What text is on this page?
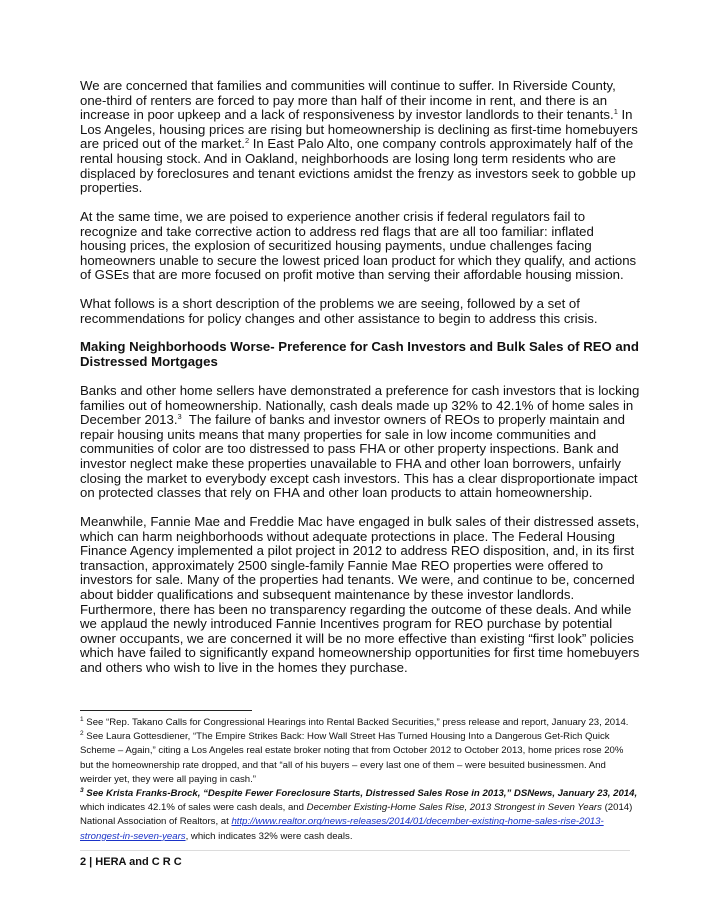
We are concerned that families and communities will continue to suffer. In Riverside County,
one-third of renters are forced to pay more than half of their income in rent, and there is an
increase in poor upkeep and a lack of responsiveness by investor landlords to their tenants.$^1$ In
Los Angeles, housing prices are rising but homeownership is declining as first-time homebuyers
are priced out of the market.$^2$ In East Palo Alto, one company controls approximately half of the
rental housing stock. And in Oakland, neighborhoods are losing long term residents who are
displaced by foreclosures and tenant evictions amidst the frenzy as investors seek to gobble up
properties.
At the same time, we are poised to experience another crisis if federal regulators fail to
recognize and take corrective action to address red flags that are all too familiar: inflated
housing prices, the explosion of securitized housing payments, undue challenges facing
homeowners unable to secure the lowest priced loan product for which they qualify, and actions
of GSEs that are more focused on profit motive than serving their affordable housing mission.
What follows is a short description of the problems we are seeing, followed by a set of
recommendations for policy changes and other assistance to begin to address this crisis.
Making Neighborhoods Worse- Preference for Cash Investors and Bulk Sales of REO and
Distressed Mortgages
Banks and other home sellers have demonstrated a preference for cash investors that is locking
families out of homeownership. Nationally, cash deals made up 32% to 42.1% of home sales in
December 2013.$^3$  The failure of banks and investor owners of REOs to properly maintain and
repair housing units means that many properties for sale in low income communities and
communities of color are too distressed to pass FHA or other property inspections. Bank and
investor neglect make these properties unavailable to FHA and other loan borrowers, unfairly
closing the market to everybody except cash investors. This has a clear disproportionate impact
on protected classes that rely on FHA and other loan products to attain homeownership.
Meanwhile, Fannie Mae and Freddie Mac have engaged in bulk sales of their distressed assets,
which can harm neighborhoods without adequate protections in place. The Federal Housing
Finance Agency implemented a pilot project in 2012 to address REO disposition, and, in its first
transaction, approximately 2500 single-family Fannie Mae REO properties were offered to
investors for sale. Many of the properties had tenants. We were, and continue to be, concerned
about bidder qualifications and subsequent maintenance by these investor landlords.
Furthermore, there has been no transparency regarding the outcome of these deals. And while
we applaud the newly introduced Fannie Incentives program for REO purchase by potential
owner occupants, we are concerned it will be no more effective than existing “first look” policies
which have failed to significantly expand homeownership opportunities for first time homebuyers
and others who wish to live in the homes they purchase.
$^1$ See “Rep. Takano Calls for Congressional Hearings into Rental Backed Securities,” press release and report, January 23, 2014.
$^2$ See Laura Gottesdiener, “The Empire Strikes Back: How Wall Street Has Turned Housing Into a Dangerous Get-Rich Quick
Scheme – Again,” citing a Los Angeles real estate broker noting that from October 2012 to October 2013, home prices rose 20%
but the homeownership rate dropped, and that “all of his buyers – every last one of them – were besuited businessmen. And
weirder yet, they were all paying in cash.”
$^3$ See Krista Franks-Brock, “Despite Fewer Foreclosure Starts, Distressed Sales Rose in 2013,” DSNews, January 23, 2014,
which indicates 42.1% of sales were cash deals, and December Existing-Home Sales Rise, 2013 Strongest in Seven Years (2014)
National Association of Realtors, at http://www.realtor.org/news-releases/2014/01/december-existing-home-sales-rise-2013-
strongest-in-seven-years, which indicates 32% were cash deals.
2 | HERA and C R C
